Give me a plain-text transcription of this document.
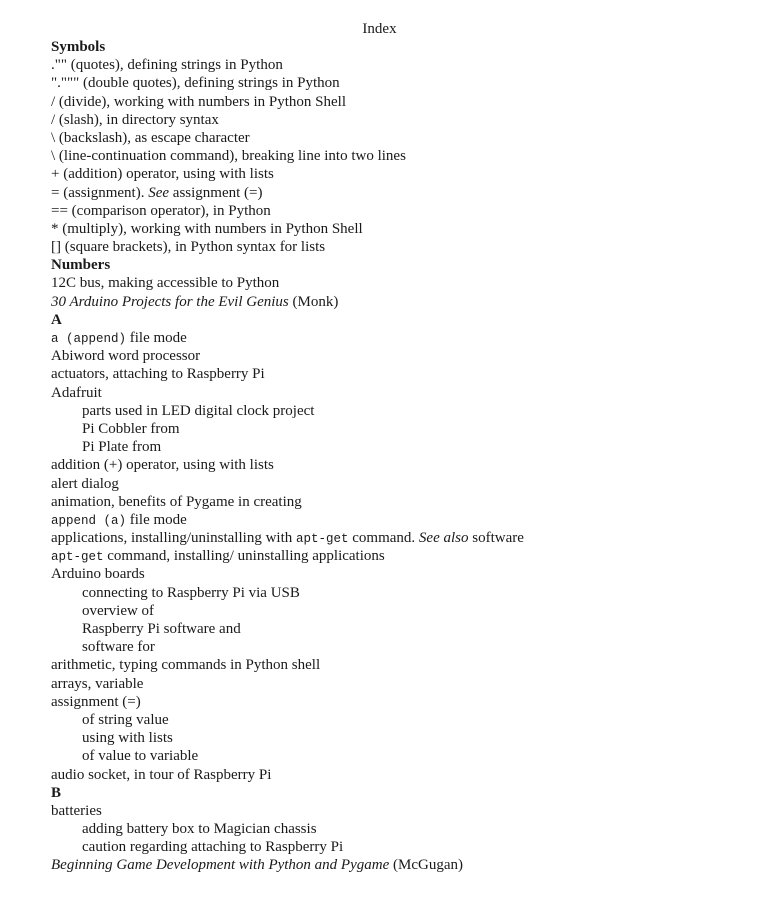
Index
Symbols
."" (quotes), defining strings in Python
".""" (double quotes), defining strings in Python
/ (divide), working with numbers in Python Shell
/ (slash), in directory syntax
\ (backslash), as escape character
\ (line-continuation command), breaking line into two lines
+ (addition) operator, using with lists
= (assignment). See assignment (=)
== (comparison operator), in Python
* (multiply), working with numbers in Python Shell
[] (square brackets), in Python syntax for lists
Numbers
12C bus, making accessible to Python
30 Arduino Projects for the Evil Genius (Monk)
A
a (append) file mode
Abiword word processor
actuators, attaching to Raspberry Pi
Adafruit
parts used in LED digital clock project
Pi Cobbler from
Pi Plate from
addition (+) operator, using with lists
alert dialog
animation, benefits of Pygame in creating
append (a) file mode
applications, installing/uninstalling with apt-get command. See also software
apt-get command, installing/ uninstalling applications
Arduino boards
connecting to Raspberry Pi via USB
overview of
Raspberry Pi software and
software for
arithmetic, typing commands in Python shell
arrays, variable
assignment (=)
of string value
using with lists
of value to variable
audio socket, in tour of Raspberry Pi
B
batteries
adding battery box to Magician chassis
caution regarding attaching to Raspberry Pi
Beginning Game Development with Python and Pygame (McGugan)
